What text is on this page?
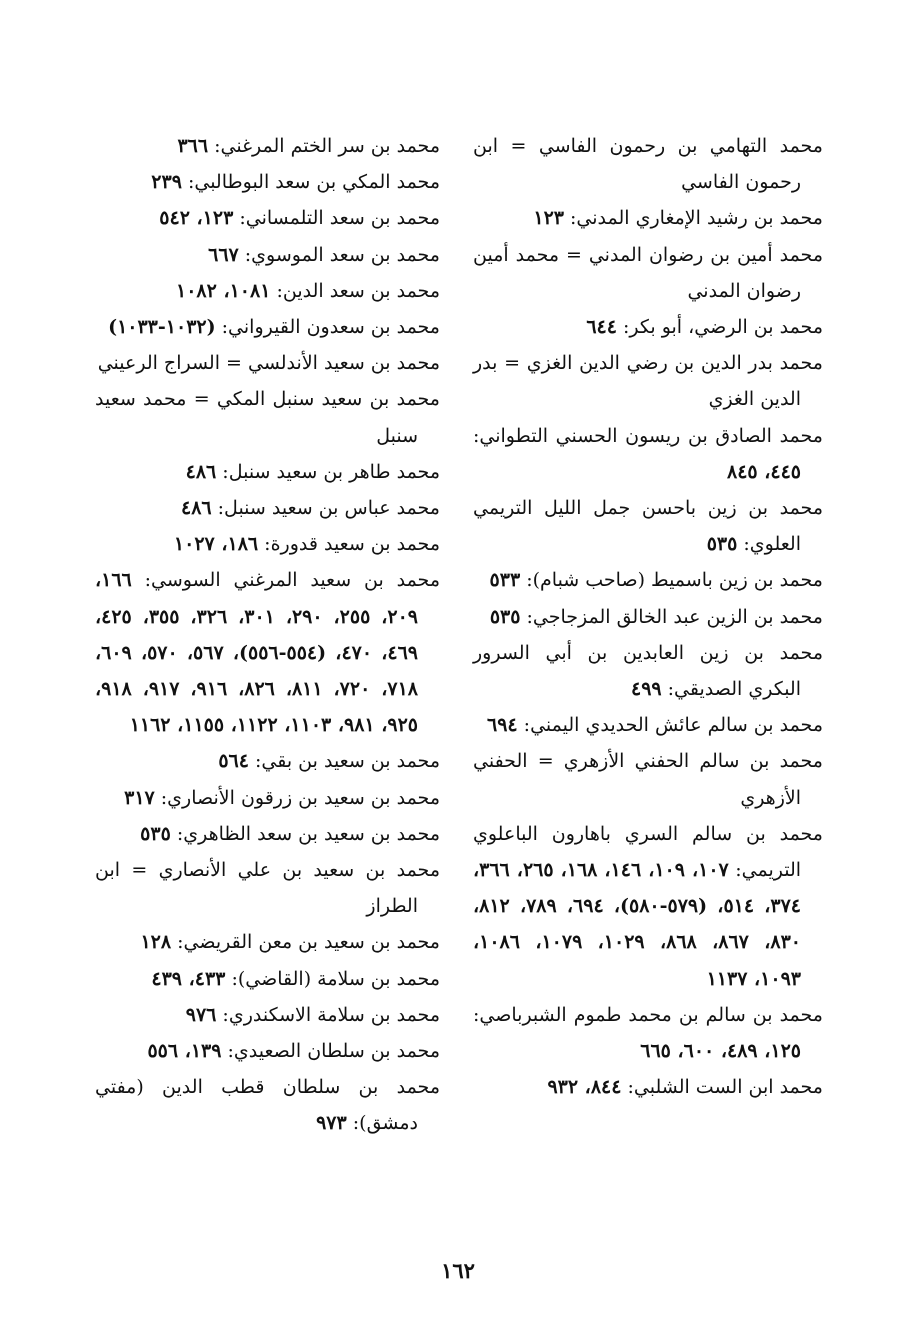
محمد التهامي بن رحمون الفاسي = ابن رحمون الفاسي

محمد بن رشيد الإمغاري المدني: ١٢٣

محمد أمين بن رضوان المدني = محمد أمين رضوان المدني

محمد بن الرضي، أبو بكر: ٦٤٤

محمد بدر الدين بن رضي الدين الغزي = بدر الدين الغزي

محمد الصادق بن ريسون الحسني التطواني: ٤٤٥، ٨٤٥

محمد بن زين باحسن جمل الليل التريمي العلوي: ٥٣٥

محمد بن زين باسميط (صاحب شبام): ٥٣٣

محمد بن الزين عبد الخالق المزجاجي: ٥٣٥

محمد بن زين العابدين بن أبي السرور البكري الصديقي: ٤٩٩

محمد بن سالم عائش الحديدي اليمني: ٦٩٤

محمد بن سالم الحفني الأزهري = الحفني الأزهري

محمد بن سالم السري باهارون الباعلوي التريمي: ١٠٧، ١٠٩، ١٤٦، ١٦٨، ٢٦٥، ٣٦٦، ٣٧٤، ٥١٤، (٥٧٩-٥٨٠)، ٦٩٤، ٧٨٩، ٨١٢، ٨٣٠، ٨٦٧، ٨٦٨، ١٠٢٩، ١٠٧٩، ١٠٨٦، ١٠٩٣، ١١٣٧

محمد بن سالم بن محمد طموم الشبرباصي: ١٢٥، ٤٨٩، ٦٠٠، ٦٦٥

محمد ابن الست الشلبي: ٨٤٤، ٩٣٢

محمد بن سر الختم المرغني: ٣٦٦

محمد المكي بن سعد البوطالبي: ٢٣٩

محمد بن سعد التلمساني: ١٢٣، ٥٤٢

محمد بن سعد الموسوي: ٦٦٧

محمد بن سعد الدين: ١٠٨١، ١٠٨٢

محمد بن سعدون القيرواني: (١٠٣٢-١٠٣٣)

محمد بن سعيد الأندلسي = السراج الرعيني

محمد بن سعيد سنبل المكي = محمد سعيد سنبل

محمد طاهر بن سعيد سنبل: ٤٨٦

محمد عباس بن سعيد سنبل: ٤٨٦

محمد بن سعيد قدورة: ١٨٦، ١٠٢٧

محمد بن سعيد المرغني السوسي: ١٦٦، ٢٠٩، ٢٥٥، ٢٩٠، ٣٠١، ٣٢٦، ٣٥٥، ٤٢٥، ٤٦٩، ٤٧٠، (٥٥٤-٥٥٦)، ٥٦٧، ٥٧٠، ٦٠٩، ٧١٨، ٧٢٠، ٨١١، ٨٢٦، ٩١٦، ٩١٧، ٩١٨، ٩٢٥، ٩٨١، ١١٠٣، ١١٢٢، ١١٥٥، ١١٦٢

محمد بن سعيد بن بقي: ٥٦٤

محمد بن سعيد بن زرقون الأنصاري: ٣١٧

محمد بن سعيد بن سعد الظاهري: ٥٣٥

محمد بن سعيد بن علي الأنصاري = ابن الطراز

محمد بن سعيد بن معن القريضي: ١٢٨

محمد بن سلامة (القاضي): ٤٣٣، ٤٣٩

محمد بن سلامة الاسكندري: ٩٧٦

محمد بن سلطان الصعيدي: ١٣٩، ٥٥٦

محمد بن سلطان قطب الدين (مفتي دمشق): ٩٧٣

١٦٢
